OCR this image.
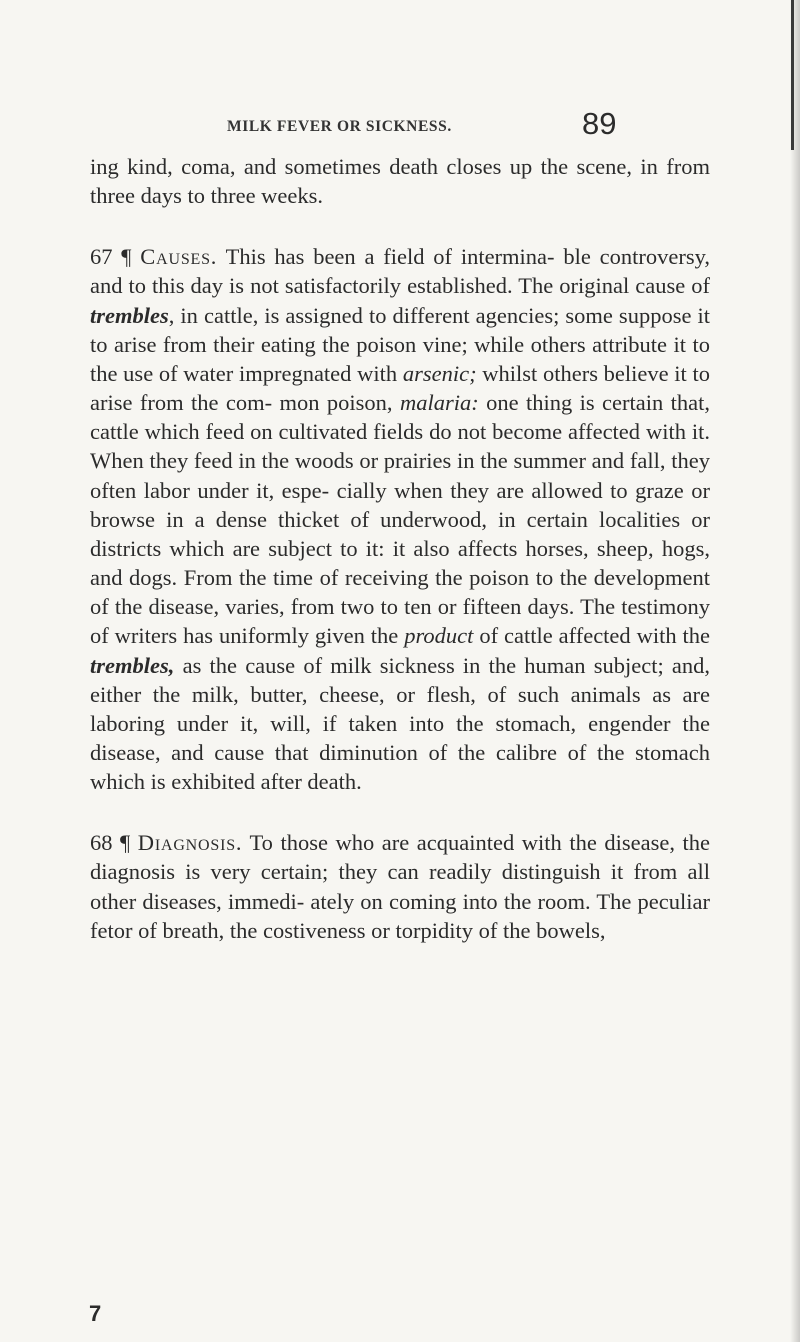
MILK FEVER OR SICKNESS.	89

ing kind, coma, and sometimes death closes up the scene, in from three days to three weeks.

67 ¶ Causes. This has been a field of intermina- ble controversy, and to this day is not satisfactorily established. The original cause of trembles, in cattle, is assigned to different agencies; some suppose it to arise from their eating the poison vine; while others attribute it to the use of water impregnated with arsenic; whilst others believe it to arise from the com- mon poison, malaria: one thing is certain that, cattle which feed on cultivated fields do not become affected with it. When they feed in the woods or prairies in the summer and fall, they often labor under it, espe- cially when they are allowed to graze or browse in a dense thicket of underwood, in certain localities or districts which are subject to it: it also affects horses, sheep, hogs, and dogs. From the time of receiving the poison to the development of the disease, varies, from two to ten or fifteen days. The testimony of writers has uniformly given the product of cattle affected with the trembles, as the cause of milk sickness in the human subject; and, either the milk, butter, cheese, or flesh, of such animals as are laboring under it, will, if taken into the stomach, engender the disease, and cause that diminution of the calibre of the stomach which is exhibited after death.

68 ¶ Diagnosis. To those who are acquainted with the disease, the diagnosis is very certain; they can readily distinguish it from all other diseases, immedi- ately on coming into the room. The peculiar fetor of breath, the costiveness or torpidity of the bowels,

7
